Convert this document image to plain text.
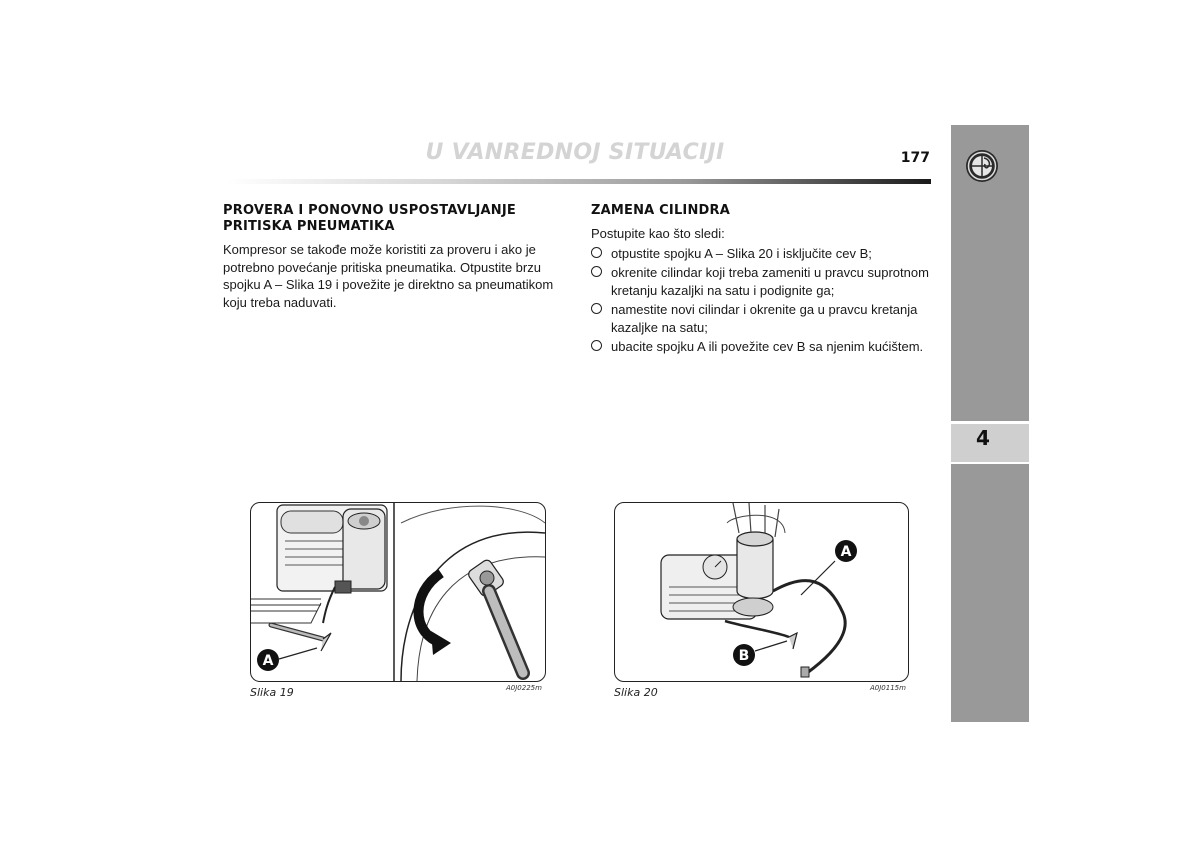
U VANREDNOJ SITUACIJI	177
4
PROVERA I PONOVNO USPOSTAVLJANJE PRITISKA PNEUMATIKA

Kompresor se takođe može koristiti za proveru i ako je potrebno povećanje pritiska pneumatika. Otpustite brzu spojku A – Slika 19 i povežite je direktno sa pneumatikom koju treba naduvati.

ZAMENA CILINDRA

Postupite kao što sledi:

otpustite spojku A – Slika 20 i isključite cev B;
okrenite cilindar koji treba zameniti u pravcu suprotnom kretanju kazaljki na satu i podignite ga;
namestite novi cilindar i okrenite ga u pravcu kretanja kazaljke na satu;
ubacite spojku A ili povežite cev B sa njenim kućištem.
A
Slika 19	A0J0225m
A
B
Slika 20	A0J0115m
